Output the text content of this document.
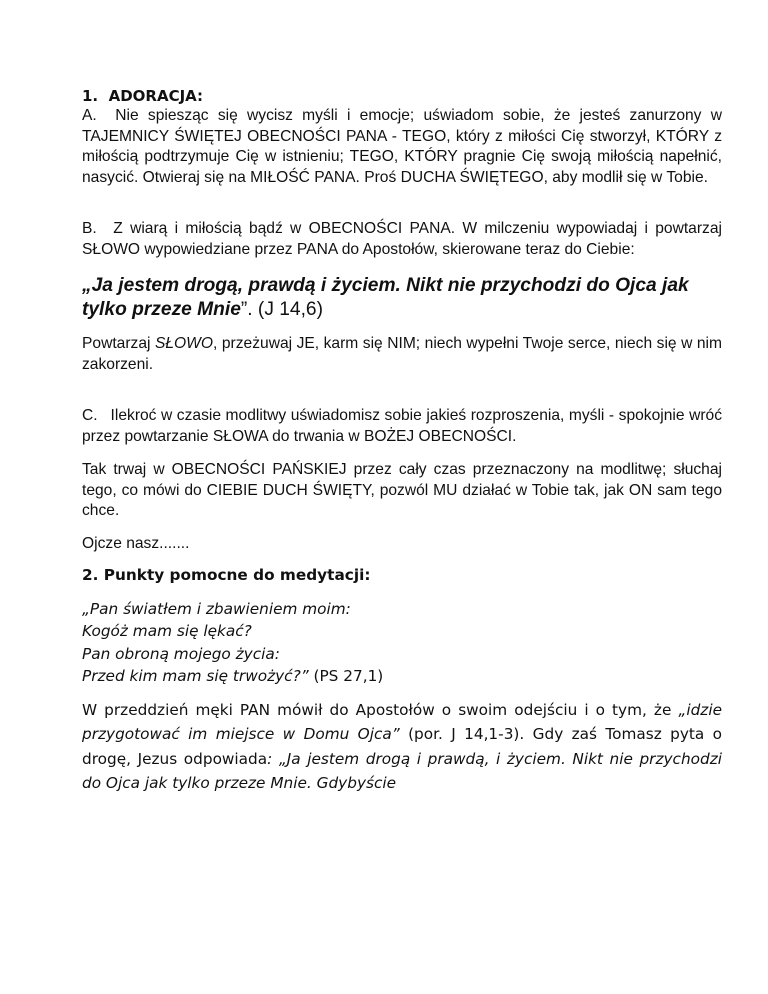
1. ADORACJA:

A. Nie spiesząc się wycisz myśli i emocje; uświadom sobie, że jesteś zanurzony w TAJEMNICY ŚWIĘTEJ OBECNOŚCI PANA - TEGO, który z miłości Cię stworzył, KTÓRY z miłością podtrzymuje Cię w istnieniu; TEGO, KTÓRY pragnie Cię swoją miłością napełnić, nasycić. Otwieraj się na MIŁOŚĆ PANA. Proś DUCHA ŚWIĘTEGO, aby modlił się w Tobie.

B. Z wiarą i miłością bądź w OBECNOŚCI PANA. W milczeniu wypowiadaj i powtarzaj SŁOWO wypowiedziane przez PANA do Apostołów, skierowane teraz do Ciebie:

„Ja jestem drogą, prawdą i życiem. Nikt nie przychodzi do Ojca jak tylko przeze Mnie”. (J 14,6)

Powtarzaj SŁOWO, przeżuwaj JE, karm się NIM; niech wypełni Twoje serce, niech się w nim zakorzeni.

C. Ilekroć w czasie modlitwy uświadomisz sobie jakieś rozproszenia, myśli - spokojnie wróć przez powtarzanie SŁOWA do trwania w BOŻEJ OBECNOŚCI.

Tak trwaj w OBECNOŚCI PAŃSKIEJ przez cały czas przeznaczony na modlitwę; słuchaj tego, co mówi do CIEBIE DUCH ŚWIĘTY, pozwól MU działać w Tobie tak, jak ON sam tego chce.

Ojcze nasz.......

2. Punkty pomocne do medytacji:

„Pan światłem i zbawieniem moim:
Kogóż mam się lękać?
Pan obroną mojego życia:
Przed kim mam się trwożyć?” (PS 27,1)

W przeddzień męki PAN mówił do Apostołów o swoim odejściu i o tym, że „idzie przygotować im miejsce w Domu Ojca” (por. J 14,1-3). Gdy zaś Tomasz pyta o drogę, Jezus odpowiada: „Ja jestem drogą i prawdą, i życiem. Nikt nie przychodzi do Ojca jak tylko przeze Mnie. Gdybyście
